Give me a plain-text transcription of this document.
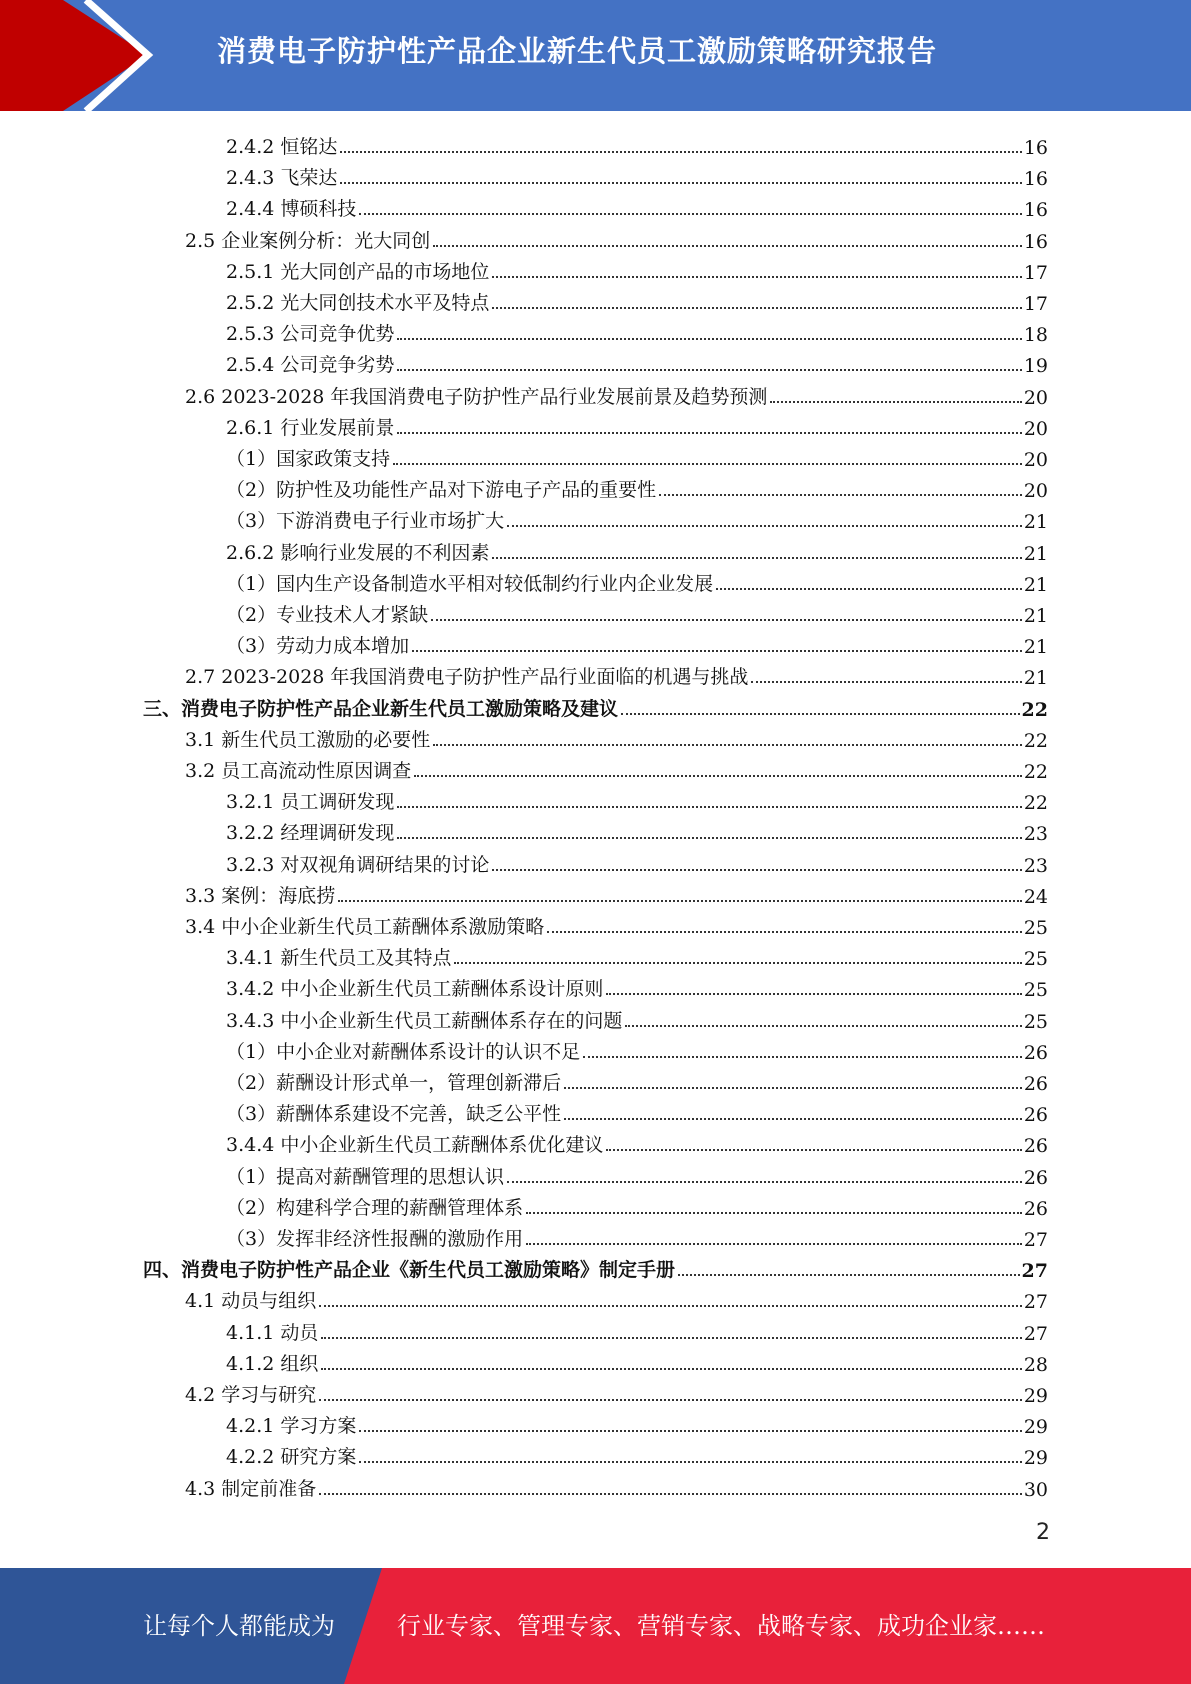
消费电子防护性产品企业新生代员工激励策略研究报告
2.4.2 恒铭达	16
2.4.3 飞荣达	16
2.4.4 博硕科技	16
2.5 企业案例分析：光大同创	16
2.5.1 光大同创产品的市场地位	17
2.5.2 光大同创技术水平及特点	17
2.5.3 公司竞争优势	18
2.5.4 公司竞争劣势	19
2.6 2023-2028 年我国消费电子防护性产品行业发展前景及趋势预测	20
2.6.1 行业发展前景	20
（1）国家政策支持	20
（2）防护性及功能性产品对下游电子产品的重要性	20
（3）下游消费电子行业市场扩大	21
2.6.2 影响行业发展的不利因素	21
（1）国内生产设备制造水平相对较低制约行业内企业发展	21
（2）专业技术人才紧缺	21
（3）劳动力成本增加	21
2.7 2023-2028 年我国消费电子防护性产品行业面临的机遇与挑战	21
三、消费电子防护性产品企业新生代员工激励策略及建议	22
3.1 新生代员工激励的必要性	22
3.2 员工高流动性原因调查	22
3.2.1 员工调研发现	22
3.2.2 经理调研发现	23
3.2.3 对双视角调研结果的讨论	23
3.3 案例：海底捞	24
3.4 中小企业新生代员工薪酬体系激励策略	25
3.4.1 新生代员工及其特点	25
3.4.2 中小企业新生代员工薪酬体系设计原则	25
3.4.3 中小企业新生代员工薪酬体系存在的问题	25
（1）中小企业对薪酬体系设计的认识不足	26
（2）薪酬设计形式单一，管理创新滞后	26
（3）薪酬体系建设不完善，缺乏公平性	26
3.4.4 中小企业新生代员工薪酬体系优化建议	26
（1）提高对薪酬管理的思想认识	26
（2）构建科学合理的薪酬管理体系	26
（3）发挥非经济性报酬的激励作用	27
四、消费电子防护性产品企业《新生代员工激励策略》制定手册	27
4.1 动员与组织	27
4.1.1 动员	27
4.1.2 组织	28
4.2 学习与研究	29
4.2.1 学习方案	29
4.2.2 研究方案	29
4.3 制定前准备	30
2
让每个人都能成为	行业专家、管理专家、营销专家、战略专家、成功企业家……
